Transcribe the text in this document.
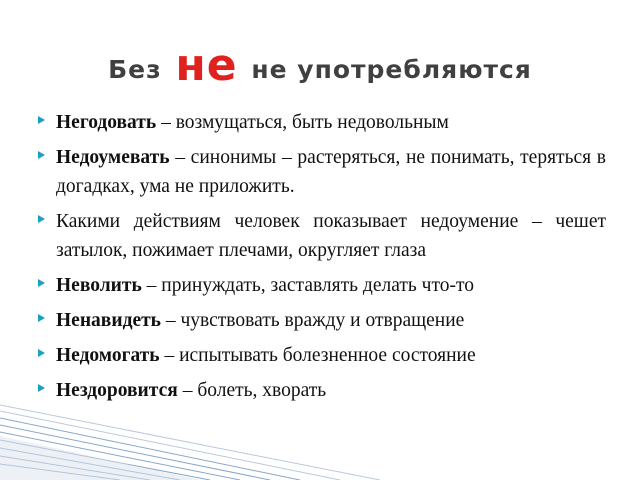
Без не не употребляются
Негодовать – возмущаться, быть недовольным
Недоумевать – синонимы – растеряться, не понимать, теряться в догадках, ума не приложить.
Какими действиям человек показывает недоумение – чешет затылок, пожимает плечами, округляет глаза
Неволить – принуждать, заставлять делать что-то
Ненавидеть – чувствовать вражду и отвращение
Недомогать – испытывать болезненное состояние
Нездоровится – болеть, хворать
